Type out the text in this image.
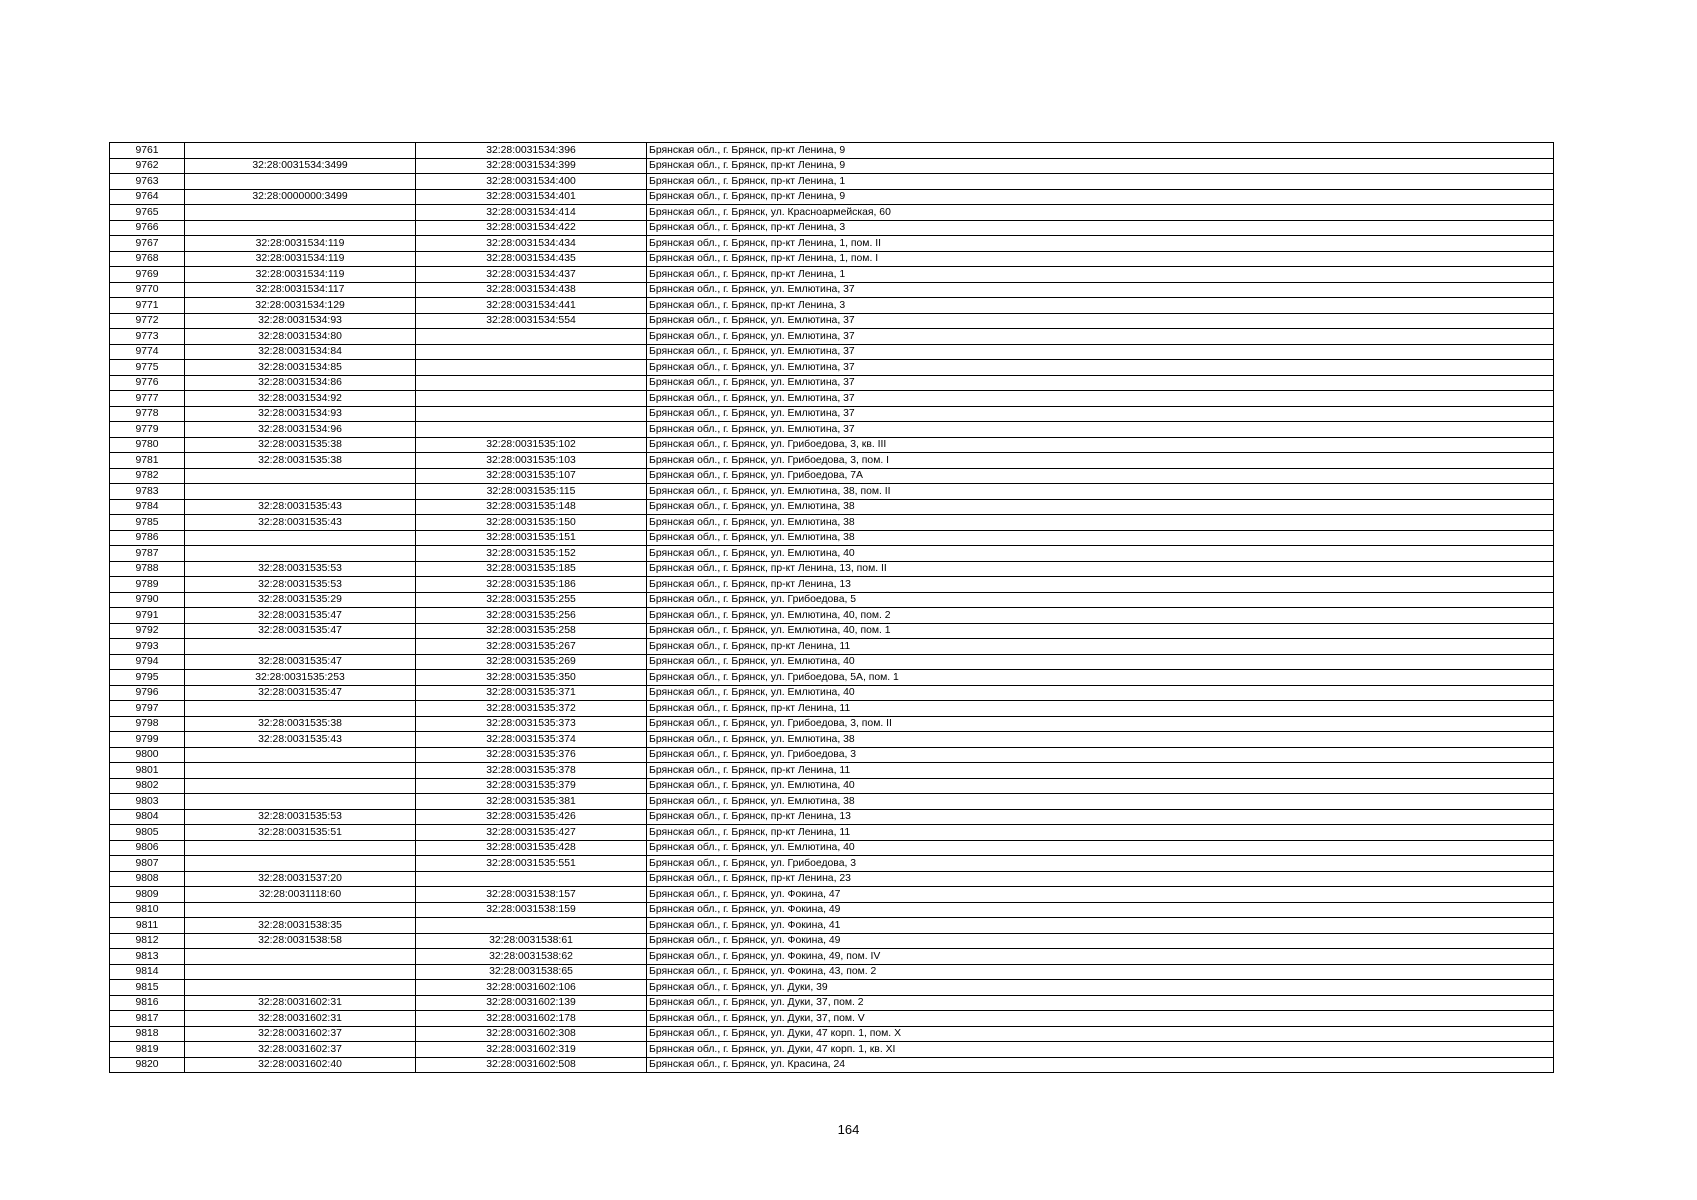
9761		32:28:0031534:396	Брянская обл., г. Брянск, пр-кт Ленина, 9
9762	32:28:0031534:3499	32:28:0031534:399	Брянская обл., г. Брянск, пр-кт Ленина, 9
9763		32:28:0031534:400	Брянская обл., г. Брянск, пр-кт Ленина, 1
9764	32:28:0000000:3499	32:28:0031534:401	Брянская обл., г. Брянск, пр-кт Ленина, 9
9765		32:28:0031534:414	Брянская обл., г. Брянск, ул. Красноармейская, 60
9766		32:28:0031534:422	Брянская обл., г. Брянск, пр-кт Ленина, 3
9767	32:28:0031534:119	32:28:0031534:434	Брянская обл., г. Брянск, пр-кт Ленина, 1, пом. II
9768	32:28:0031534:119	32:28:0031534:435	Брянская обл., г. Брянск, пр-кт Ленина, 1, пом. I
9769	32:28:0031534:119	32:28:0031534:437	Брянская обл., г. Брянск, пр-кт Ленина, 1
9770	32:28:0031534:117	32:28:0031534:438	Брянская обл., г. Брянск, ул. Емлютина, 37
9771	32:28:0031534:129	32:28:0031534:441	Брянская обл., г. Брянск, пр-кт Ленина, 3
9772	32:28:0031534:93	32:28:0031534:554	Брянская обл., г. Брянск, ул. Емлютина, 37
9773	32:28:0031534:80		Брянская обл., г. Брянск, ул. Емлютина, 37
9774	32:28:0031534:84		Брянская обл., г. Брянск, ул. Емлютина, 37
9775	32:28:0031534:85		Брянская обл., г. Брянск, ул. Емлютина, 37
9776	32:28:0031534:86		Брянская обл., г. Брянск, ул. Емлютина, 37
9777	32:28:0031534:92		Брянская обл., г. Брянск, ул. Емлютина, 37
9778	32:28:0031534:93		Брянская обл., г. Брянск, ул. Емлютина, 37
9779	32:28:0031534:96		Брянская обл., г. Брянск, ул. Емлютина, 37
9780	32:28:0031535:38	32:28:0031535:102	Брянская обл., г. Брянск, ул. Грибоедова, 3, кв. III
9781	32:28:0031535:38	32:28:0031535:103	Брянская обл., г. Брянск, ул. Грибоедова, 3, пом. I
9782		32:28:0031535:107	Брянская обл., г. Брянск, ул. Грибоедова, 7А
9783		32:28:0031535:115	Брянская обл., г. Брянск, ул. Емлютина, 38, пом. II
9784	32:28:0031535:43	32:28:0031535:148	Брянская обл., г. Брянск, ул. Емлютина, 38
9785	32:28:0031535:43	32:28:0031535:150	Брянская обл., г. Брянск, ул. Емлютина, 38
9786		32:28:0031535:151	Брянская обл., г. Брянск, ул. Емлютина, 38
9787		32:28:0031535:152	Брянская обл., г. Брянск, ул. Емлютина, 40
9788	32:28:0031535:53	32:28:0031535:185	Брянская обл., г. Брянск, пр-кт Ленина, 13, пом. II
9789	32:28:0031535:53	32:28:0031535:186	Брянская обл., г. Брянск, пр-кт Ленина, 13
9790	32:28:0031535:29	32:28:0031535:255	Брянская обл., г. Брянск, ул. Грибоедова, 5
9791	32:28:0031535:47	32:28:0031535:256	Брянская обл., г. Брянск, ул. Емлютина, 40, пом. 2
9792	32:28:0031535:47	32:28:0031535:258	Брянская обл., г. Брянск, ул. Емлютина, 40, пом. 1
9793		32:28:0031535:267	Брянская обл., г. Брянск, пр-кт Ленина, 11
9794	32:28:0031535:47	32:28:0031535:269	Брянская обл., г. Брянск, ул. Емлютина, 40
9795	32:28:0031535:253	32:28:0031535:350	Брянская обл., г. Брянск, ул. Грибоедова, 5А, пом. 1
9796	32:28:0031535:47	32:28:0031535:371	Брянская обл., г. Брянск, ул. Емлютина, 40
9797		32:28:0031535:372	Брянская обл., г. Брянск, пр-кт Ленина, 11
9798	32:28:0031535:38	32:28:0031535:373	Брянская обл., г. Брянск, ул. Грибоедова, 3, пом. II
9799	32:28:0031535:43	32:28:0031535:374	Брянская обл., г. Брянск, ул. Емлютина, 38
9800		32:28:0031535:376	Брянская обл., г. Брянск, ул. Грибоедова, 3
9801		32:28:0031535:378	Брянская обл., г. Брянск, пр-кт Ленина, 11
9802		32:28:0031535:379	Брянская обл., г. Брянск, ул. Емлютина, 40
9803		32:28:0031535:381	Брянская обл., г. Брянск, ул. Емлютина, 38
9804	32:28:0031535:53	32:28:0031535:426	Брянская обл., г. Брянск, пр-кт Ленина, 13
9805	32:28:0031535:51	32:28:0031535:427	Брянская обл., г. Брянск, пр-кт Ленина, 11
9806		32:28:0031535:428	Брянская обл., г. Брянск, ул. Емлютина, 40
9807		32:28:0031535:551	Брянская обл., г. Брянск, ул. Грибоедова, 3
9808	32:28:0031537:20		Брянская обл., г. Брянск, пр-кт Ленина, 23
9809	32:28:0031118:60	32:28:0031538:157	Брянская обл., г. Брянск, ул. Фокина, 47
9810		32:28:0031538:159	Брянская обл., г. Брянск, ул. Фокина, 49
9811	32:28:0031538:35		Брянская обл., г. Брянск, ул. Фокина, 41
9812	32:28:0031538:58	32:28:0031538:61	Брянская обл., г. Брянск, ул. Фокина, 49
9813		32:28:0031538:62	Брянская обл., г. Брянск, ул. Фокина, 49, пом. IV
9814		32:28:0031538:65	Брянская обл., г. Брянск, ул. Фокина, 43, пом. 2
9815		32:28:0031602:106	Брянская обл., г. Брянск, ул. Дуки, 39
9816	32:28:0031602:31	32:28:0031602:139	Брянская обл., г. Брянск, ул. Дуки, 37, пом. 2
9817	32:28:0031602:31	32:28:0031602:178	Брянская обл., г. Брянск, ул. Дуки, 37, пом. V
9818	32:28:0031602:37	32:28:0031602:308	Брянская обл., г. Брянск, ул. Дуки, 47 корп. 1, пом. X
9819	32:28:0031602:37	32:28:0031602:319	Брянская обл., г. Брянск, ул. Дуки, 47 корп. 1, кв. XI
9820	32:28:0031602:40	32:28:0031602:508	Брянская обл., г. Брянск, ул. Красина, 24
164
